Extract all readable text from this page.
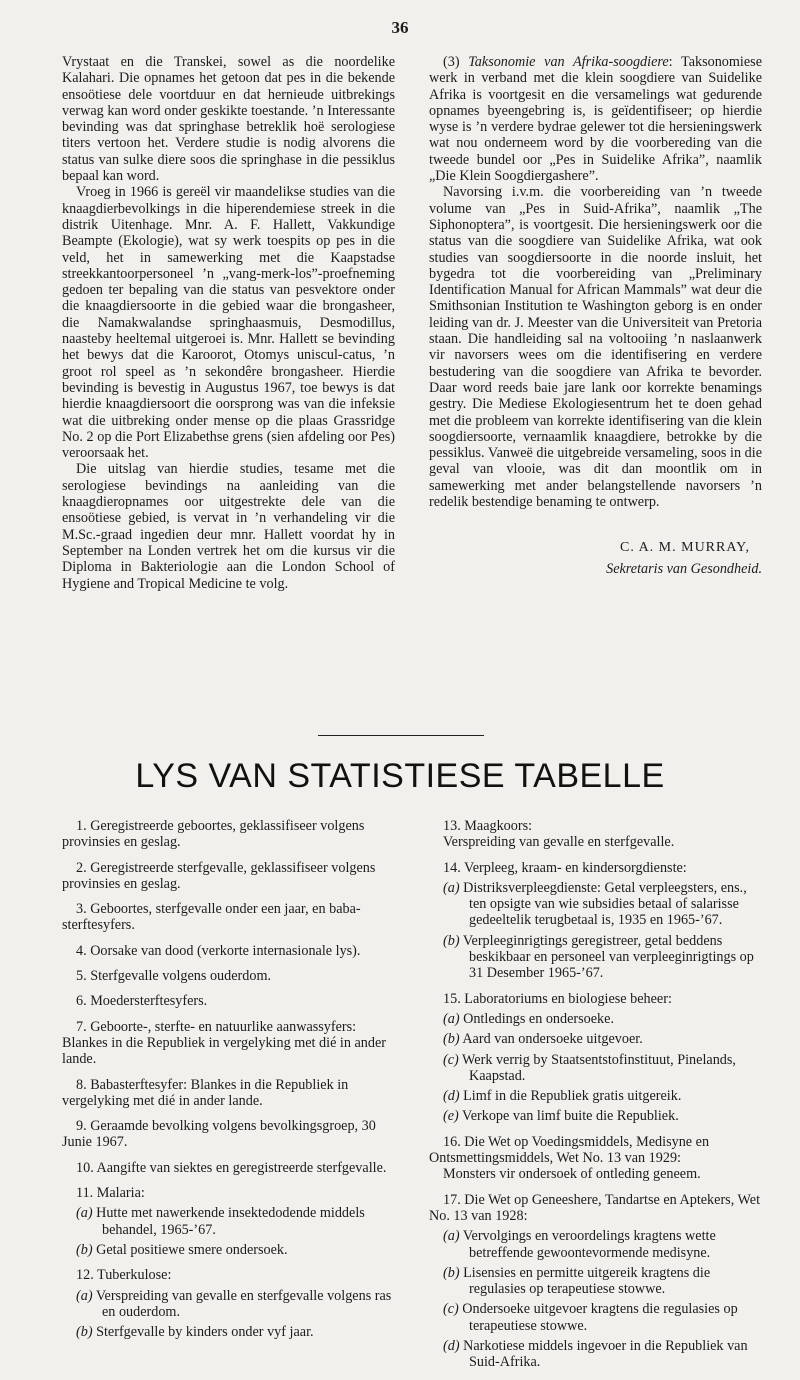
36

Vrystaat en die Transkei, sowel as die noordelike Kalahari. Die opnames het getoon dat pes in die bekende ensoötiese dele voortduur en dat hernieude uitbrekings verwag kan word onder geskikte toestande. ’n Interessante bevinding was dat springhase betreklik hoë serologiese titers vertoon het. Verdere studie is nodig alvorens die status van sulke diere soos die springhase in die pessiklus bepaal kan word.

Vroeg in 1966 is gereël vir maandelikse studies van die knaagdierbevolkings in die hiperendemiese streek in die distrik Uitenhage. Mnr. A. F. Hallett, Vakkundige Beampte (Ekologie), wat sy werk toespits op pes in die veld, het in samewerking met die Kaapstadse streekkantoorpersoneel ’n „vang-merk-los”-proefneming gedoen ter bepaling van die status van pesvektore onder die knaagdiersoorte in die gebied waar die brongasheer, die Namakwalandse springhaasmuis, Desmodillus, naasteby heeltemal uitgeroei is. Mnr. Hallett se bevinding het bewys dat die Karoorot, Otomys uniscul-catus, ’n groot rol speel as ’n sekondêre brongasheer. Hierdie bevinding is bevestig in Augustus 1967, toe bewys is dat hierdie knaagdiersoort die oorsprong was van die infeksie wat die uitbreking onder mense op die plaas Grassridge No. 2 op die Port Elizabethse grens (sien afdeling oor Pes) veroorsaak het.

Die uitslag van hierdie studies, tesame met die serologiese bevindings na aanleiding van die knaagdieropnames oor uitgestrekte dele van die ensoötiese gebied, is vervat in ’n verhandeling vir die M.Sc.-graad ingedien deur mnr. Hallett voordat hy in September na Londen vertrek het om die kursus vir die Diploma in Bakteriologie aan die London School of Hygiene and Tropical Medicine te volg.

(3) Taksonomie van Afrika-soogdiere: Taksonomiese werk in verband met die klein soogdiere van Suidelike Afrika is voortgesit en die versamelings wat gedurende opnames byeengebring is, is geïdentifiseer; op hierdie wyse is ’n verdere bydrae gelewer tot die hersieningswerk wat nou onderneem word by die voorbereding van die tweede bundel oor „Pes in Suidelike Afrika”, naamlik „Die Klein Soogdiergashere”.

Navorsing i.v.m. die voorbereiding van ’n tweede volume van „Pes in Suid-Afrika”, naamlik „The Siphonoptera”, is voortgesit. Die hersieningswerk oor die status van die soogdiere van Suidelike Afrika, wat ook studies van soogdiersoorte in die noorde insluit, het bygedra tot die voorbereiding van „Preliminary Identification Manual for African Mammals” wat deur die Smithsonian Institution te Washington geborg is en onder leiding van dr. J. Meester van die Universiteit van Pretoria staan. Die handleiding sal na voltooiing ’n naslaanwerk vir navorsers wees om die identifisering en verdere bestudering van die soogdiere van Afrika te bevorder. Daar word reeds baie jare lank oor korrekte benamings gestry. Die Mediese Ekologiesentrum het te doen gehad met die probleem van korrekte identifisering van die klein soogdiersoorte, vernaamlik knaagdiere, betrokke by die pessiklus. Vanweë die uitgebreide versameling, soos in die geval van vlooie, was dit dan moontlik om in samewerking met ander belangstellende navorsers ’n redelik bestendige benaming te ontwerp.

C. A. M. MURRAY,
Sekretaris van Gesondheid.
LYS VAN STATISTIESE TABELLE
1. Geregistreerde geboortes, geklassifiseer volgens provinsies en geslag.
2. Geregistreerde sterfgevalle, geklassifiseer volgens provinsies en geslag.
3. Geboortes, sterfgevalle onder een jaar, en baba-sterftesyfers.
4. Oorsake van dood (verkorte internasionale lys).
5. Sterfgevalle volgens ouderdom.
6. Moedersterftesyfers.
7. Geboorte-, sterfte- en natuurlike aanwassyfers: Blankes in die Republiek in vergelyking met dié in ander lande.
8. Babasterftesyfer: Blankes in die Republiek in vergelyking met dié in ander lande.
9. Geraamde bevolking volgens bevolkingsgroep, 30 Junie 1967.
10. Aangifte van siektes en geregistreerde sterfgevalle.
11. Malaria:
(a) Hutte met nawerkende insektedodende middels behandel, 1965-’67.
(b) Getal positiewe smere ondersoek.
12. Tuberkulose:
(a) Verspreiding van gevalle en sterfgevalle volgens ras en ouderdom.
(b) Sterfgevalle by kinders onder vyf jaar.
13. Maagkoors:
Verspreiding van gevalle en sterfgevalle.
14. Verpleeg, kraam- en kindersorgdienste:
(a) Distriksverpleegdienste: Getal verpleegsters, ens., ten opsigte van wie subsidies betaal of salarisse gedeeltelik terugbetaal is, 1935 en 1965-’67.
(b) Verpleeginrigtings geregistreer, getal beddens beskikbaar en personeel van verpleeginrigtings op 31 Desember 1965-’67.
15. Laboratoriums en biologiese beheer:
(a) Ontledings en ondersoeke.
(b) Aard van ondersoeke uitgevoer.
(c) Werk verrig by Staatsentstofinstituut, Pinelands, Kaapstad.
(d) Limf in die Republiek gratis uitgereik.
(e) Verkope van limf buite die Republiek.
16. Die Wet op Voedingsmiddels, Medisyne en Ontsmettingsmiddels, Wet No. 13 van 1929:
Monsters vir ondersoek of ontleding geneem.
17. Die Wet op Geneeshere, Tandartse en Aptekers, Wet No. 13 van 1928:
(a) Vervolgings en veroordelings kragtens wette betreffende gewoontevormende medisyne.
(b) Lisensies en permitte uitgereik kragtens die regulasies op terapeutiese stowwe.
(c) Ondersoeke uitgevoer kragtens die regulasies op terapeutiese stowwe.
(d) Narkotiese middels ingevoer in die Republiek van Suid-Afrika.
